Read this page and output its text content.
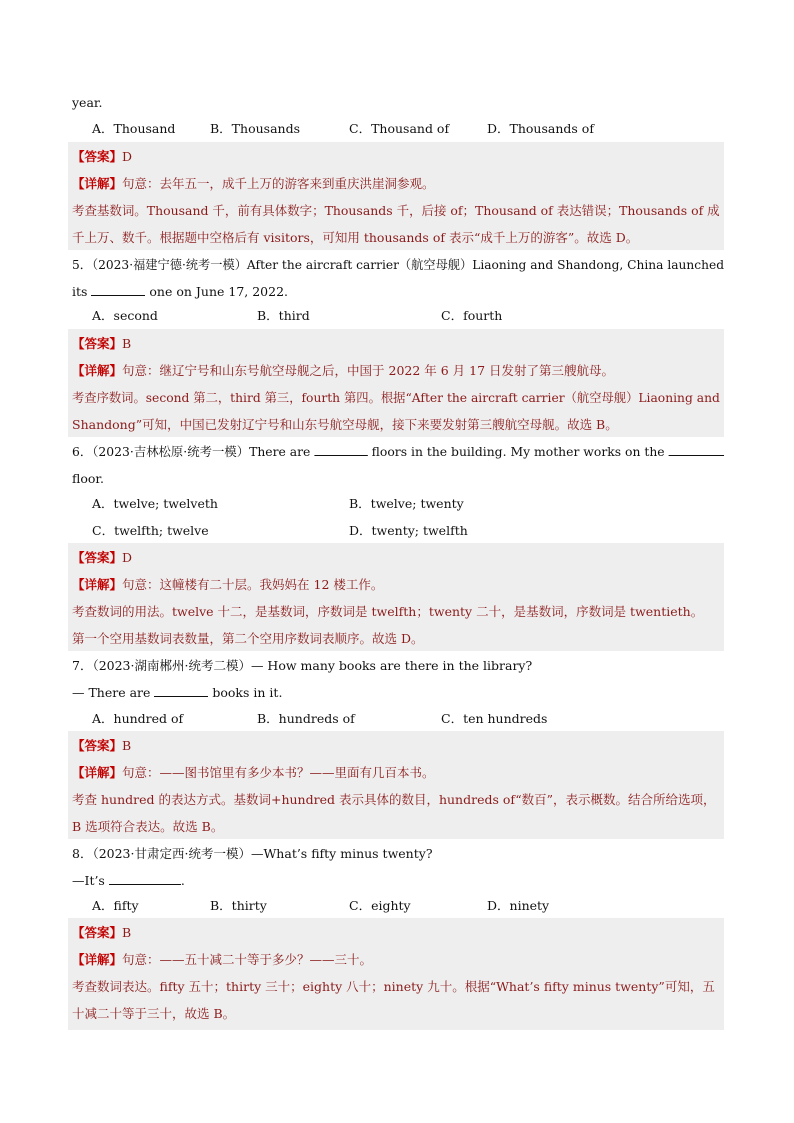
year.
A．Thousand	B．Thousands	C．Thousand of	D．Thousands of
【答案】D
【详解】句意：去年五一，成千上万的游客来到重庆洪崖洞参观。
考查基数词。Thousand 千，前有具体数字；Thousands 千，后接 of；Thousand of 表达错误；Thousands of 成
千上万、数千。根据题中空格后有 visitors，可知用 thousands of 表示“成千上万的游客”。故选 D。
5．（2023·福建宁德·统考一模）After the aircraft carrier（航空母舰）Liaoning and Shandong, China launched
its	one on June 17, 2022.
A．second	B．third	C．fourth
【答案】B
【详解】句意：继辽宁号和山东号航空母舰之后，中国于 2022 年 6 月 17 日发射了第三艘航母。
考查序数词。second 第二，third 第三，fourth 第四。根据“After the aircraft carrier（航空母舰）Liaoning and
Shandong”可知，中国已发射辽宁号和山东号航空母舰，接下来要发射第三艘航空母舰。故选 B。
6．（2023·吉林松原·统考一模）There are	floors in the building. My mother works on the
floor.
A．twelve; twelveth	B．twelve; twenty
C．twelfth; twelve	D．twenty; twelfth
【答案】D
【详解】句意：这幢楼有二十层。我妈妈在 12 楼工作。
考查数词的用法。twelve 十二，是基数词，序数词是 twelfth；twenty 二十，是基数词，序数词是 twentieth。
第一个空用基数词表数量，第二个空用序数词表顺序。故选 D。
7．（2023·湖南郴州·统考二模）— How many books are there in the library?
— There are	books in it.
A．hundred of	B．hundreds of	C．ten hundreds
【答案】B
【详解】句意：——图书馆里有多少本书？——里面有几百本书。
考查 hundred 的表达方式。基数词+hundred 表示具体的数目，hundreds of“数百”，表示概数。结合所给选项，
B 选项符合表达。故选 B。
8．（2023·甘肃定西·统考一模）—What’s fifty minus twenty?
—It’s	.
A．fifty	B．thirty	C．eighty	D．ninety
【答案】B
【详解】句意：——五十减二十等于多少？——三十。
考查数词表达。fifty 五十；thirty 三十；eighty 八十；ninety 九十。根据“What’s fifty minus twenty”可知，五
十减二十等于三十，故选 B。
